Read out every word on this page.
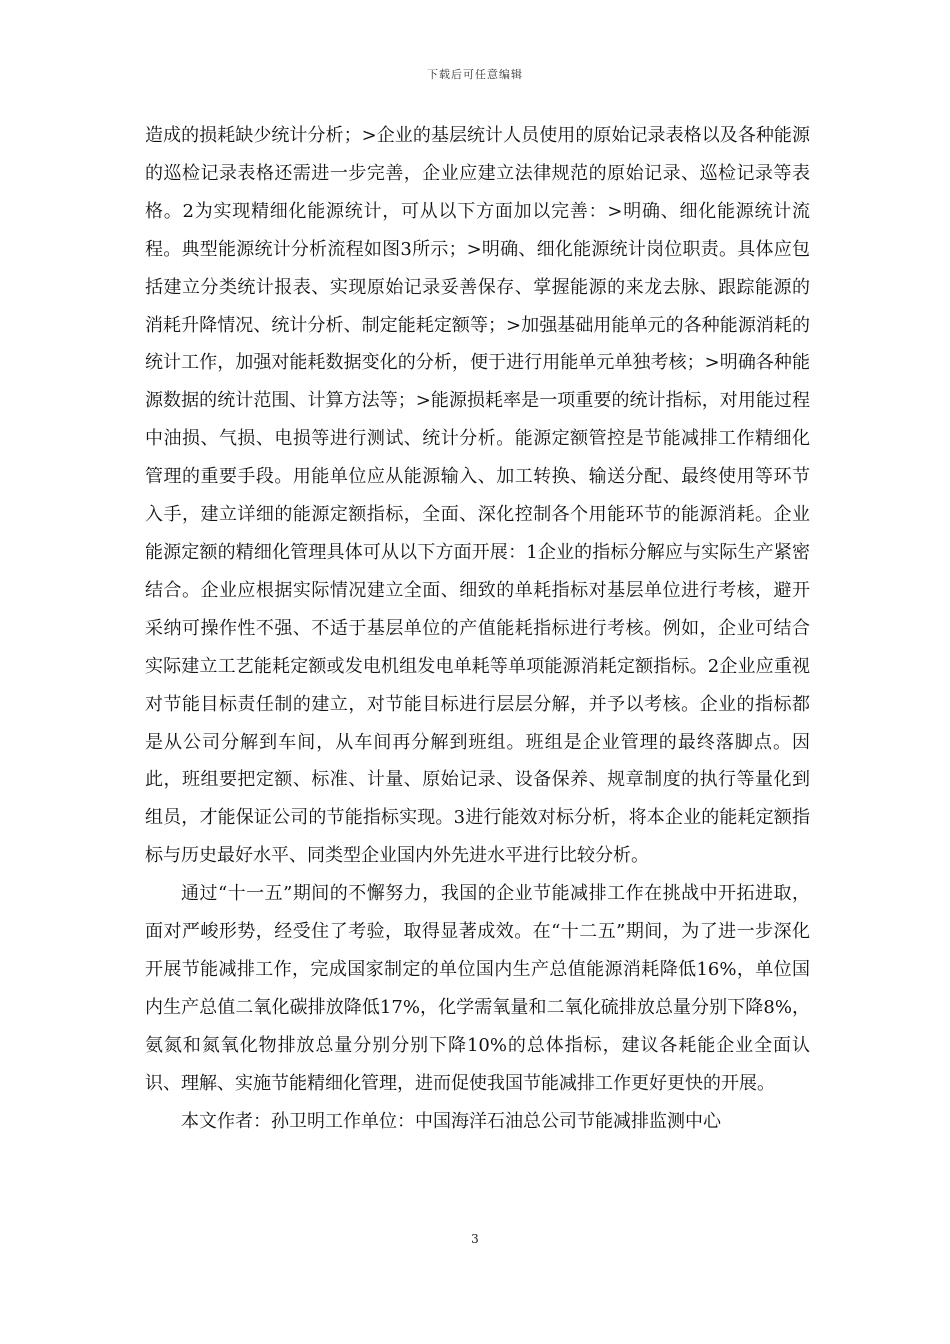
下载后可任意编辑

造成的损耗缺少统计分析；>企业的基层统计人员使用的原始记录表格以及各种能源的巡检记录表格还需进一步完善，企业应建立法律规范的原始记录、巡检记录等表格。2为实现精细化能源统计，可从以下方面加以完善：>明确、细化能源统计流程。典型能源统计分析流程如图3所示；>明确、细化能源统计岗位职责。具体应包括建立分类统计报表、实现原始记录妥善保存、掌握能源的来龙去脉、跟踪能源的消耗升降情况、统计分析、制定能耗定额等；>加强基础用能单元的各种能源消耗的统计工作，加强对能耗数据变化的分析，便于进行用能单元单独考核；>明确各种能源数据的统计范围、计算方法等；>能源损耗率是一项重要的统计指标，对用能过程中油损、气损、电损等进行测试、统计分析。能源定额管控是节能减排工作精细化管理的重要手段。用能单位应从能源输入、加工转换、输送分配、最终使用等环节入手，建立详细的能源定额指标，全面、深化控制各个用能环节的能源消耗。企业能源定额的精细化管理具体可从以下方面开展：1企业的指标分解应与实际生产紧密结合。企业应根据实际情况建立全面、细致的单耗指标对基层单位进行考核，避开采纳可操作性不强、不适于基层单位的产值能耗指标进行考核。例如，企业可结合实际建立工艺能耗定额或发电机组发电单耗等单项能源消耗定额指标。2企业应重视对节能目标责任制的建立，对节能目标进行层层分解，并予以考核。企业的指标都是从公司分解到车间，从车间再分解到班组。班组是企业管理的最终落脚点。因此，班组要把定额、标准、计量、原始记录、设备保养、规章制度的执行等量化到组员，才能保证公司的节能指标实现。3进行能效对标分析，将本企业的能耗定额指标与历史最好水平、同类型企业国内外先进水平进行比较分析。

通过“十一五”期间的不懈努力，我国的企业节能减排工作在挑战中开拓进取，面对严峻形势，经受住了考验，取得显著成效。在“十二五”期间，为了进一步深化开展节能减排工作，完成国家制定的单位国内生产总值能源消耗降低16%，单位国内生产总值二氧化碳排放降低17%，化学需氧量和二氧化硫排放总量分别下降8%，氨氮和氮氧化物排放总量分别分别下降10%的总体指标，建议各耗能企业全面认识、理解、实施节能精细化管理，进而促使我国节能减排工作更好更快的开展。

本文作者：孙卫明工作单位：中国海洋石油总公司节能减排监测中心

3
